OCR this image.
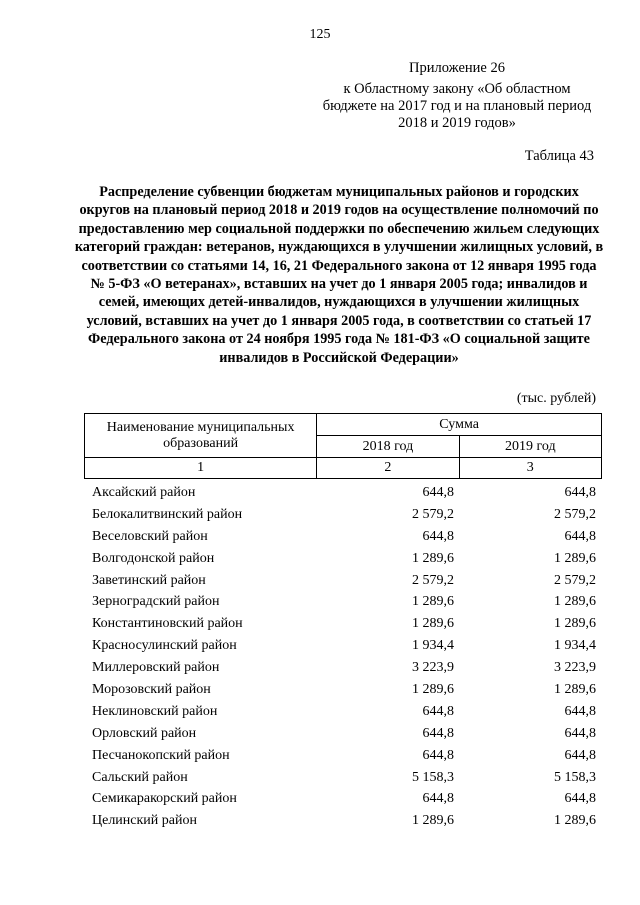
125
Приложение 26
к Областному закону «Об областном бюджете на 2017 год и на плановый период 2018 и 2019 годов»
Таблица 43
Распределение субвенции бюджетам муниципальных районов и городских округов на плановый период 2018 и 2019 годов на осуществление полномочий по предоставлению мер социальной поддержки по обеспечению жильем следующих категорий граждан: ветеранов, нуждающихся в улучшении жилищных условий, в соответствии со статьями 14, 16, 21 Федерального закона от 12 января 1995 года № 5-ФЗ «О ветеранах», вставших на учет до 1 января 2005 года; инвалидов и семей, имеющих детей-инвалидов, нуждающихся в улучшении жилищных условий, вставших на учет до 1 января 2005 года, в соответствии со статьей 17 Федерального закона от 24 ноября 1995 года № 181-ФЗ «О социальной защите инвалидов в Российской Федерации»
(тыс. рублей)
Наименование муниципальных образований	Сумма	
	2018 год	2019 год
1	2	3
Аксайский район	644,8	644,8
Белокалитвинский район	2 579,2	2 579,2
Веселовский район	644,8	644,8
Волгодонской район	1 289,6	1 289,6
Заветинский район	2 579,2	2 579,2
Зерноградский район	1 289,6	1 289,6
Константиновский район	1 289,6	1 289,6
Красносулинский район	1 934,4	1 934,4
Миллеровский район	3 223,9	3 223,9
Морозовский район	1 289,6	1 289,6
Неклиновский район	644,8	644,8
Орловский район	644,8	644,8
Песчанокопский район	644,8	644,8
Сальский район	5 158,3	5 158,3
Семикаракорский район	644,8	644,8
Целинский район	1 289,6	1 289,6
